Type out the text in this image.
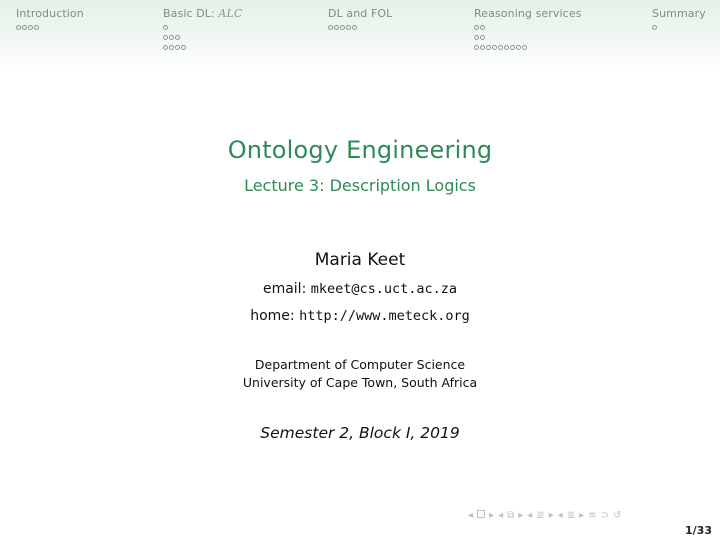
Introduction	Basic DL: ALC	DL and FOL	Reasoning services	Summary
Ontology Engineering
Lecture 3: Description Logics
Maria Keet
email: mkeet@cs.uct.ac.za
home: http://www.meteck.org
Department of Computer Science
University of Cape Town, South Africa
Semester 2, Block I, 2019
◂ ▸ ◂ ⧉ ▸ ◂ ≣ ▸ ◂ ≣ ▸ ≡ ⊃ ↺
1/33
